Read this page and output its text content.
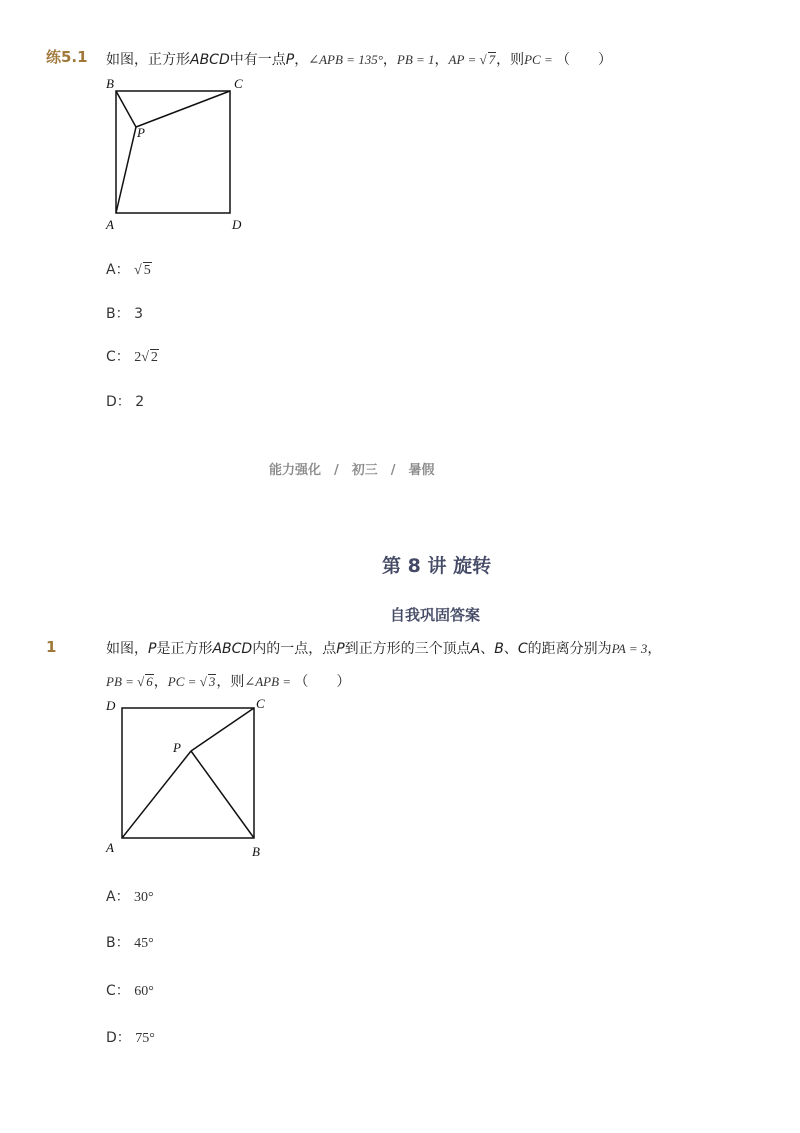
练5.1 如图，正方形ABCD中有一点P，∠APB = 135°，PB = 1，AP = √ 7，则PC = （　　）
B	C
P
A	D
A： √ 5
B： 3
C： 2√ 2
D： 2
能力强化　/　初三　/　暑假
第 8 讲 旋转
自我巩固答案
1	如图，P是正方形ABCD内的一点，点P到正方形的三个顶点A、B、C的距离分别为PA = 3，
PB = √ 6，PC = √ 3，则∠APB = （　　）
D	C
P
A	B
A： 30°
B： 45°
C： 60°
D： 75°
